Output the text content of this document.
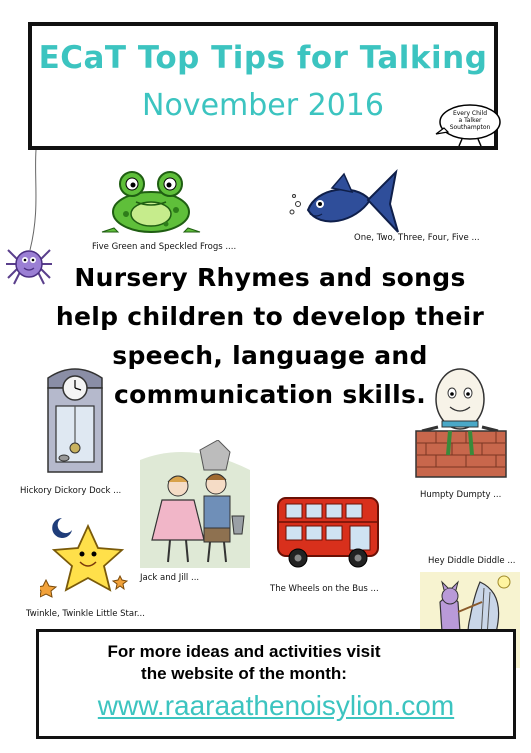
ECaT Top Tips for Talking
November 2016	Every Child
a Talker
Southampton
Five Green and Speckled Frogs ....
One, Two, Three, Four, Five ...
Nursery Rhymes and songs
help children to develop their
speech, language and
communication skills.
Hickory Dickory Dock ...	Humpty Dumpty ...
Jack and Jill ...
The Wheels on the Bus ...
Twinkle, Twinkle Little Star...
Hey Diddle Diddle ...
For more ideas and activities visit
the website of the month:
www.raaraathenoisylion.com
